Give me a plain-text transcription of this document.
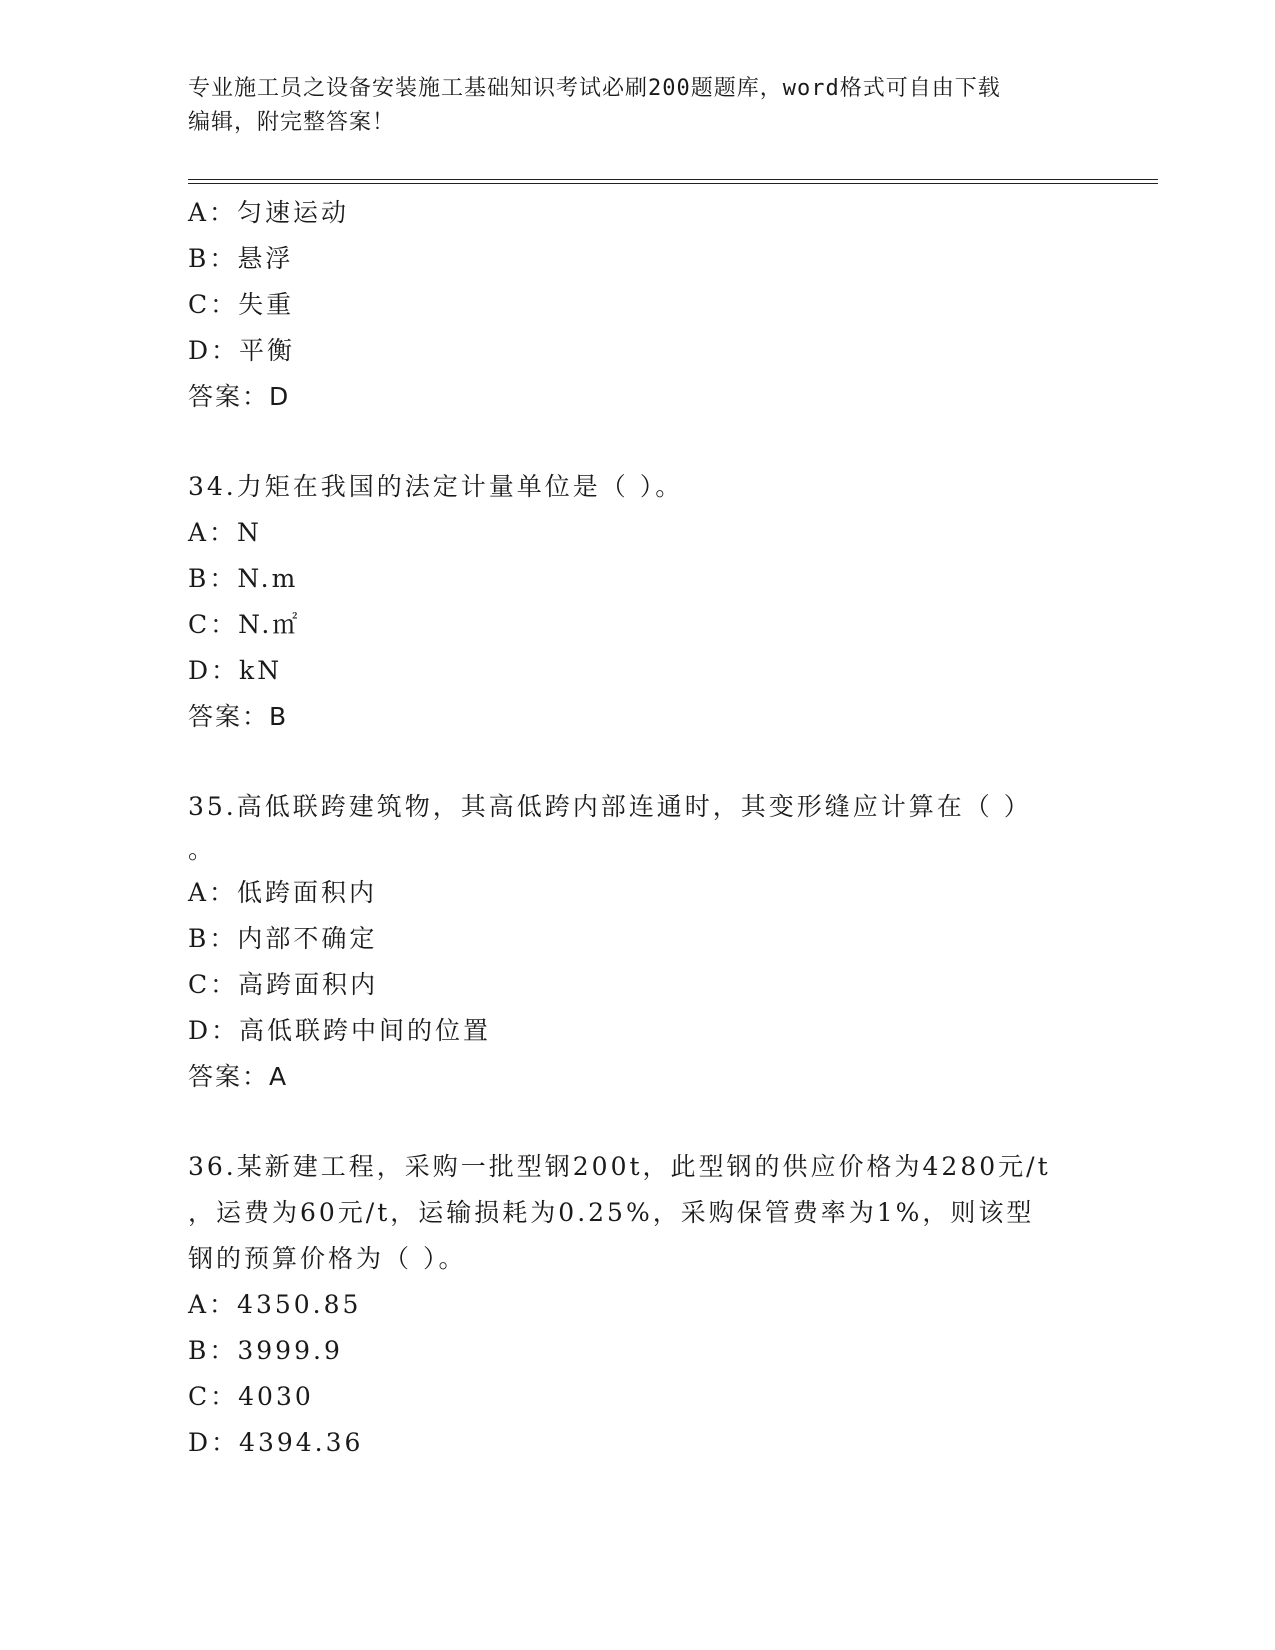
专业施工员之设备安装施工基础知识考试必刷200题题库，word格式可自由下载
编辑，附完整答案！
A：匀速运动
B：悬浮
C：失重
D：平衡
答案：D
34.力矩在我国的法定计量单位是（ ）。
A：N
B：N.m
C：N.㎡
D：kN
答案：B
35.高低联跨建筑物，其高低跨内部连通时，其变形缝应计算在（ ）
。
A：低跨面积内
B：内部不确定
C：高跨面积内
D：高低联跨中间的位置
答案：A
36.某新建工程，采购一批型钢200t，此型钢的供应价格为4280元/t
，运费为60元/t，运输损耗为0.25%，采购保管费率为1%，则该型
钢的预算价格为（ ）。
A：4350.85
B：3999.9
C：4030
D：4394.36
